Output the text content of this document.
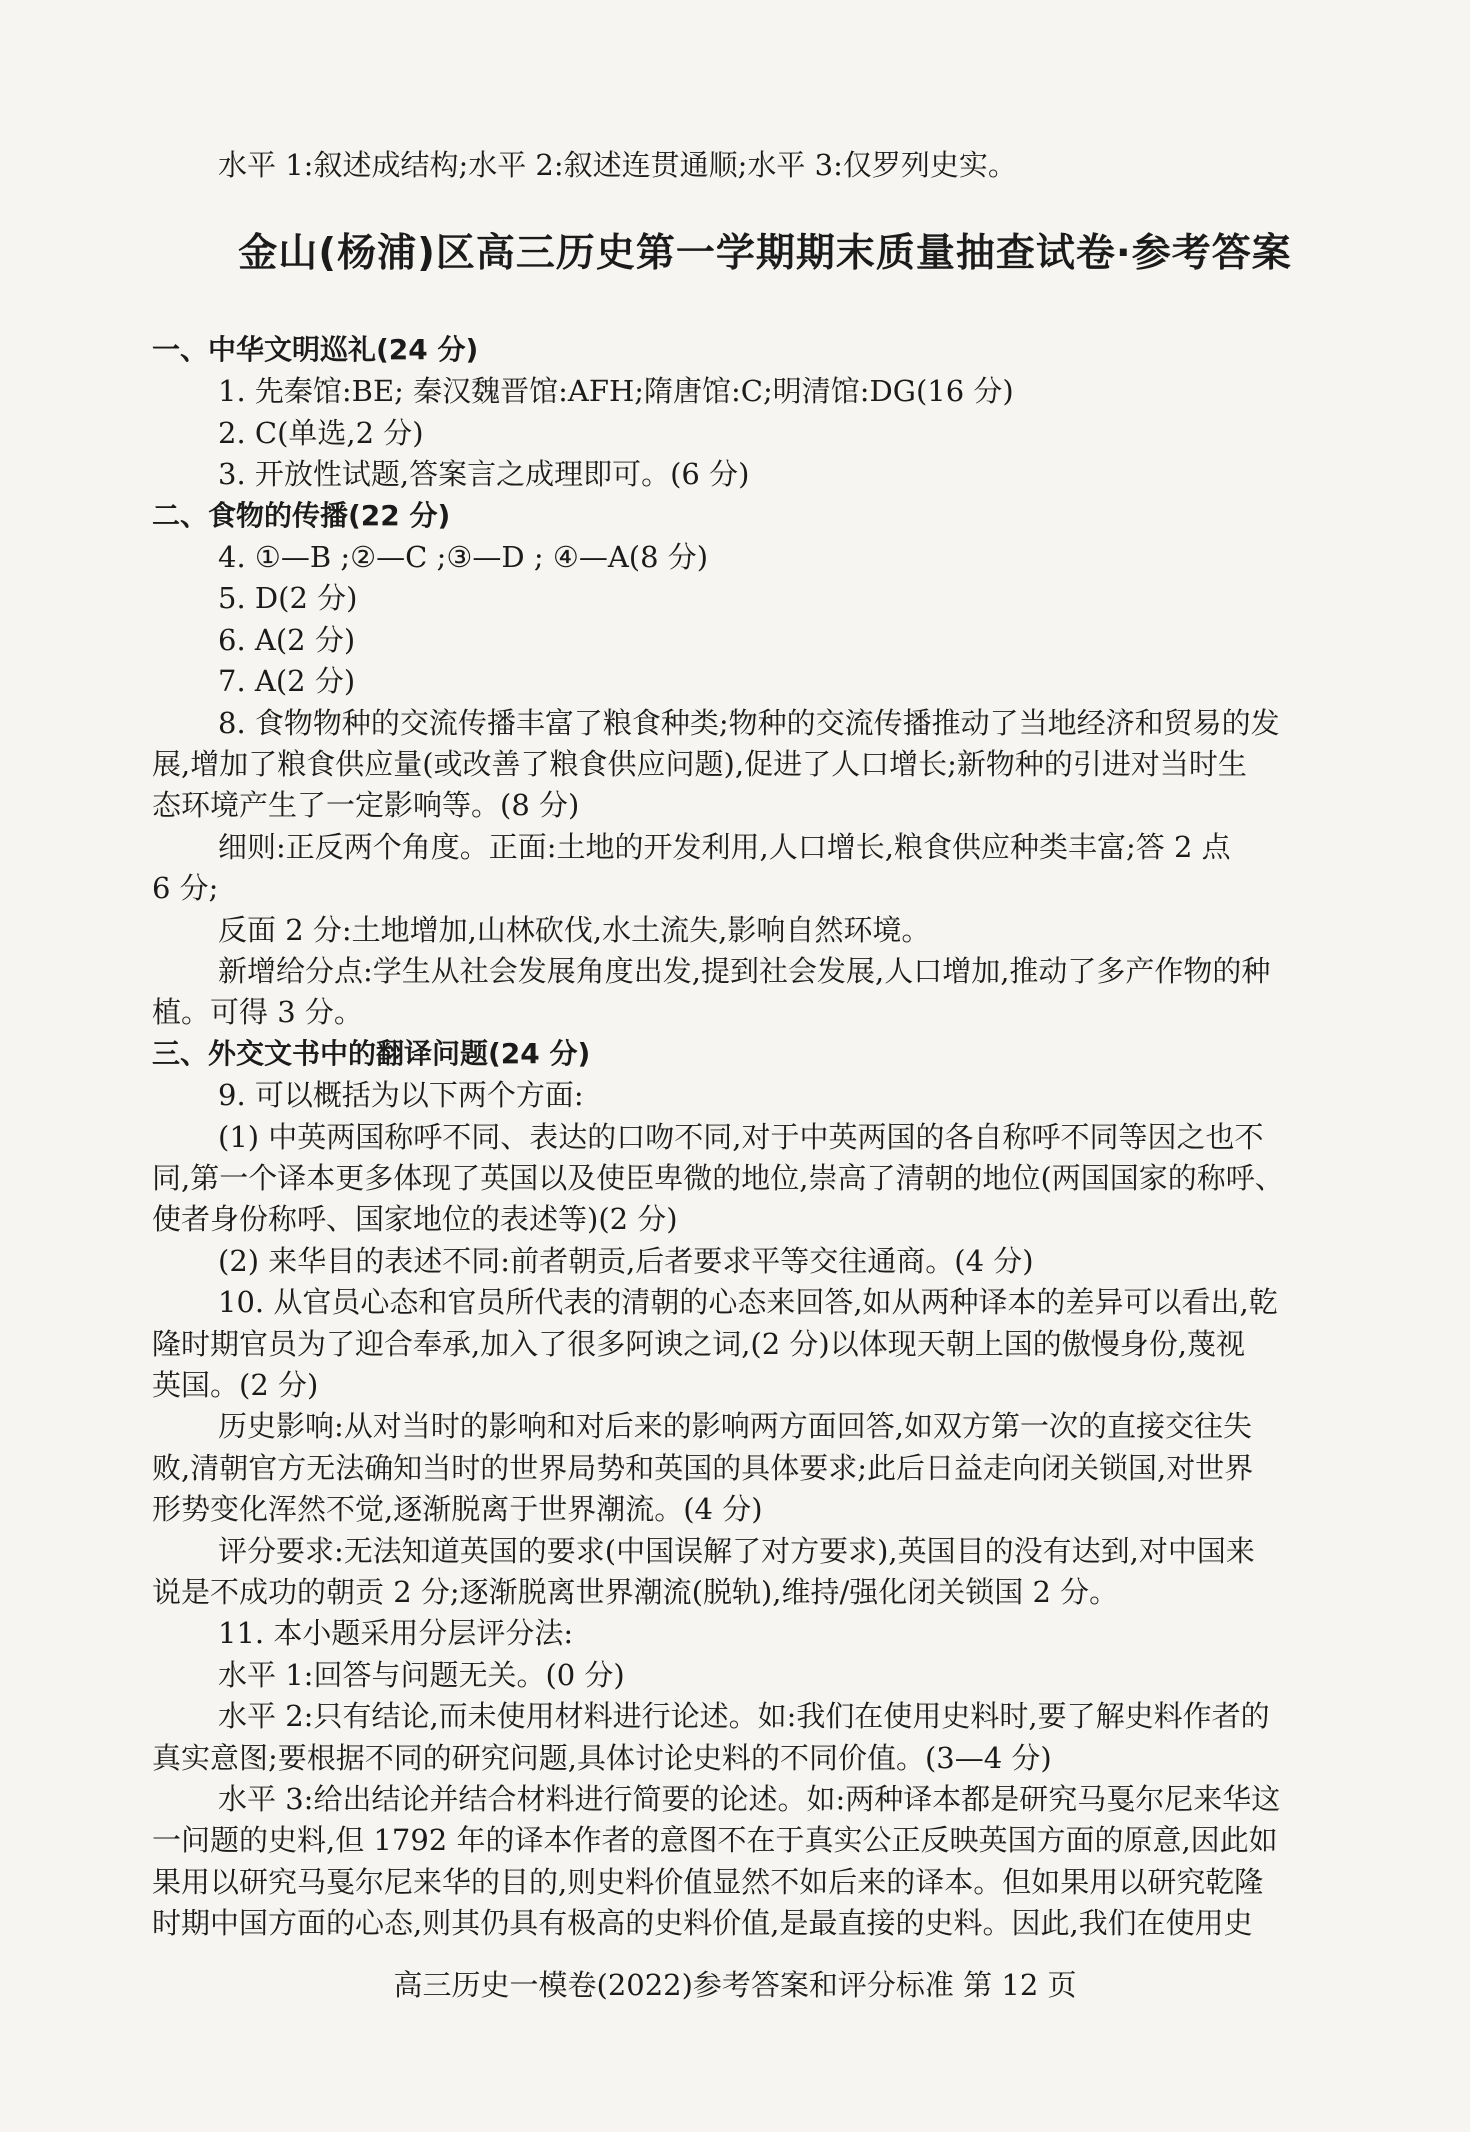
水平 1:叙述成结构;水平 2:叙述连贯通顺;水平 3:仅罗列史实。
金山(杨浦)区高三历史第一学期期末质量抽查试卷·参考答案
一、中华文明巡礼(24 分)
1. 先秦馆:BE; 秦汉魏晋馆:AFH;隋唐馆:C;明清馆:DG(16 分)
2. C(单选,2 分)
3. 开放性试题,答案言之成理即可。(6 分)
二、食物的传播(22 分)
4. ①—B ;②—C ;③—D ; ④—A(8 分)
5. D(2 分)
6. A(2 分)
7. A(2 分)
8. 食物物种的交流传播丰富了粮食种类;物种的交流传播推动了当地经济和贸易的发
展,增加了粮食供应量(或改善了粮食供应问题),促进了人口增长;新物种的引进对当时生
态环境产生了一定影响等。(8 分)
细则:正反两个角度。正面:土地的开发利用,人口增长,粮食供应种类丰富;答 2 点
6 分;
反面 2 分:土地增加,山林砍伐,水土流失,影响自然环境。
新增给分点:学生从社会发展角度出发,提到社会发展,人口增加,推动了多产作物的种
植。可得 3 分。
三、外交文书中的翻译问题(24 分)
9. 可以概括为以下两个方面:
(1) 中英两国称呼不同、表达的口吻不同,对于中英两国的各自称呼不同等因之也不
同,第一个译本更多体现了英国以及使臣卑微的地位,崇高了清朝的地位(两国国家的称呼、
使者身份称呼、国家地位的表述等)(2 分)
(2) 来华目的表述不同:前者朝贡,后者要求平等交往通商。(4 分)
10. 从官员心态和官员所代表的清朝的心态来回答,如从两种译本的差异可以看出,乾
隆时期官员为了迎合奉承,加入了很多阿谀之词,(2 分)以体现天朝上国的傲慢身份,蔑视
英国。(2 分)
历史影响:从对当时的影响和对后来的影响两方面回答,如双方第一次的直接交往失
败,清朝官方无法确知当时的世界局势和英国的具体要求;此后日益走向闭关锁国,对世界
形势变化浑然不觉,逐渐脱离于世界潮流。(4 分)
评分要求:无法知道英国的要求(中国误解了对方要求),英国目的没有达到,对中国来
说是不成功的朝贡 2 分;逐渐脱离世界潮流(脱轨),维持/强化闭关锁国 2 分。
11. 本小题采用分层评分法:
水平 1:回答与问题无关。(0 分)
水平 2:只有结论,而未使用材料进行论述。如:我们在使用史料时,要了解史料作者的
真实意图;要根据不同的研究问题,具体讨论史料的不同价值。(3—4 分)
水平 3:给出结论并结合材料进行简要的论述。如:两种译本都是研究马戛尔尼来华这
一问题的史料,但 1792 年的译本作者的意图不在于真实公正反映英国方面的原意,因此如
果用以研究马戛尔尼来华的目的,则史料价值显然不如后来的译本。但如果用以研究乾隆
时期中国方面的心态,则其仍具有极高的史料价值,是最直接的史料。因此,我们在使用史
高三历史一模卷(2022)参考答案和评分标准 第 12 页
